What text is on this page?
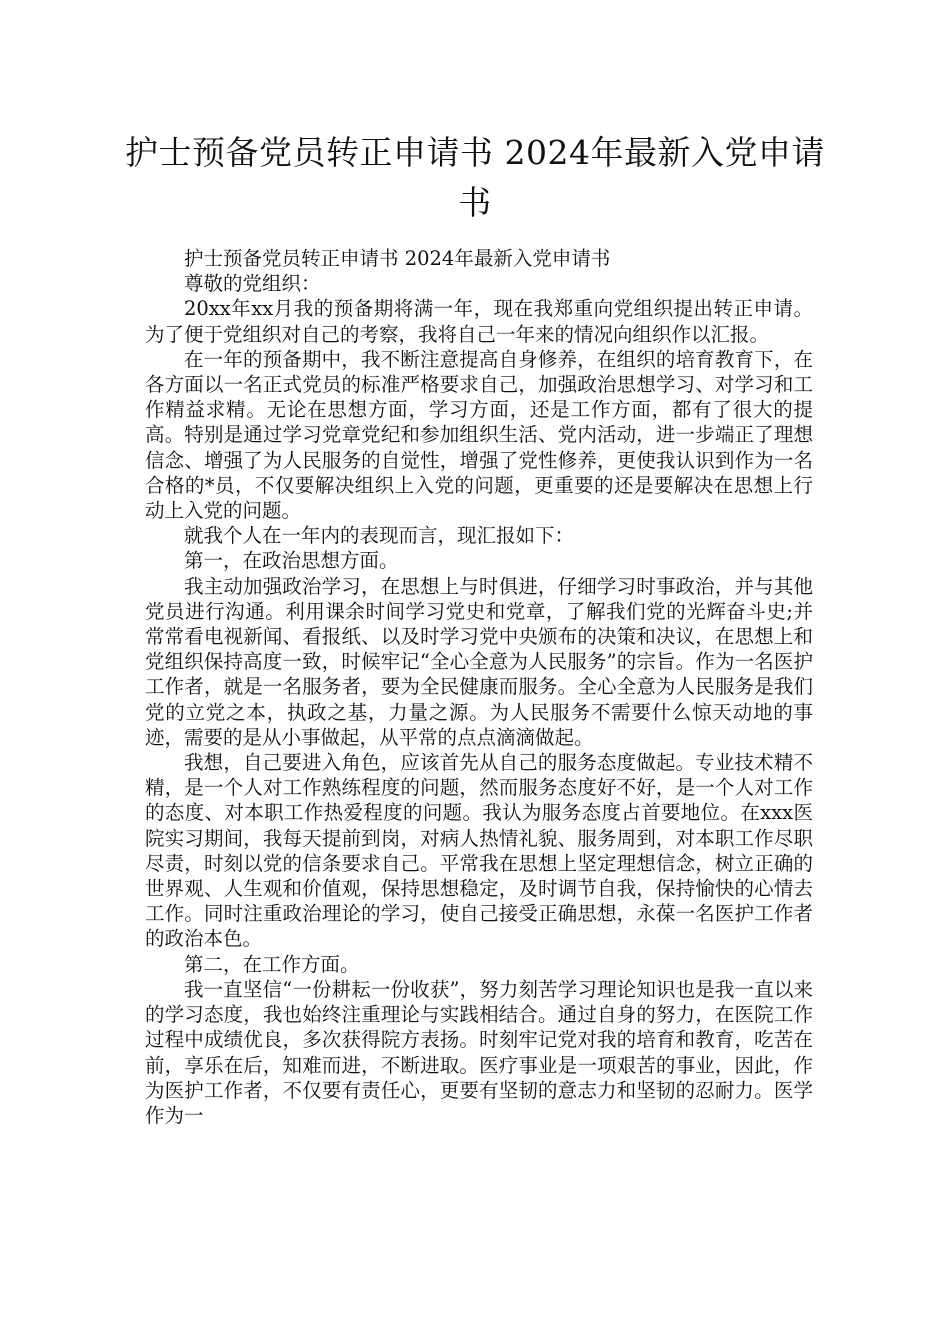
护士预备党员转正申请书 2024年最新入党申请书

护士预备党员转正申请书 2024年最新入党申请书

尊敬的党组织：

20xx年xx月我的预备期将满一年，现在我郑重向党组织提出转正申请。为了便于党组织对自己的考察，我将自己一年来的情况向组织作以汇报。

在一年的预备期中，我不断注意提高自身修养，在组织的培育教育下，在各方面以一名正式党员的标准严格要求自己，加强政治思想学习、对学习和工作精益求精。无论在思想方面，学习方面，还是工作方面，都有了很大的提高。特别是通过学习党章党纪和参加组织生活、党内活动，进一步端正了理想信念、增强了为人民服务的自觉性，增强了党性修养，更使我认识到作为一名合格的*员，不仅要解决组织上入党的问题，更重要的还是要解决在思想上行动上入党的问题。

就我个人在一年内的表现而言，现汇报如下：

第一，在政治思想方面。

我主动加强政治学习，在思想上与时俱进，仔细学习时事政治，并与其他党员进行沟通。利用课余时间学习党史和党章，了解我们党的光辉奋斗史;并常常看电视新闻、看报纸、以及时学习党中央颁布的决策和决议，在思想上和党组织保持高度一致，时候牢记“全心全意为人民服务”的宗旨。作为一名医护工作者，就是一名服务者，要为全民健康而服务。全心全意为人民服务是我们党的立党之本，执政之基，力量之源。为人民服务不需要什么惊天动地的事迹，需要的是从小事做起，从平常的点点滴滴做起。

我想，自己要进入角色，应该首先从自己的服务态度做起。专业技术精不精，是一个人对工作熟练程度的问题，然而服务态度好不好，是一个人对工作的态度、对本职工作热爱程度的问题。我认为服务态度占首要地位。在xxx医院实习期间，我每天提前到岗，对病人热情礼貌、服务周到，对本职工作尽职尽责，时刻以党的信条要求自己。平常我在思想上坚定理想信念，树立正确的世界观、人生观和价值观，保持思想稳定，及时调节自我，保持愉快的心情去工作。同时注重政治理论的学习，使自己接受正确思想，永葆一名医护工作者的政治本色。

第二，在工作方面。

我一直坚信“一份耕耘一份收获”，努力刻苦学习理论知识也是我一直以来的学习态度，我也始终注重理论与实践相结合。通过自身的努力，在医院工作过程中成绩优良，多次获得院方表扬。时刻牢记党对我的培育和教育，吃苦在前，享乐在后，知难而进，不断进取。医疗事业是一项艰苦的事业，因此，作为医护工作者，不仅要有责任心，更要有坚韧的意志力和坚韧的忍耐力。医学作为一
